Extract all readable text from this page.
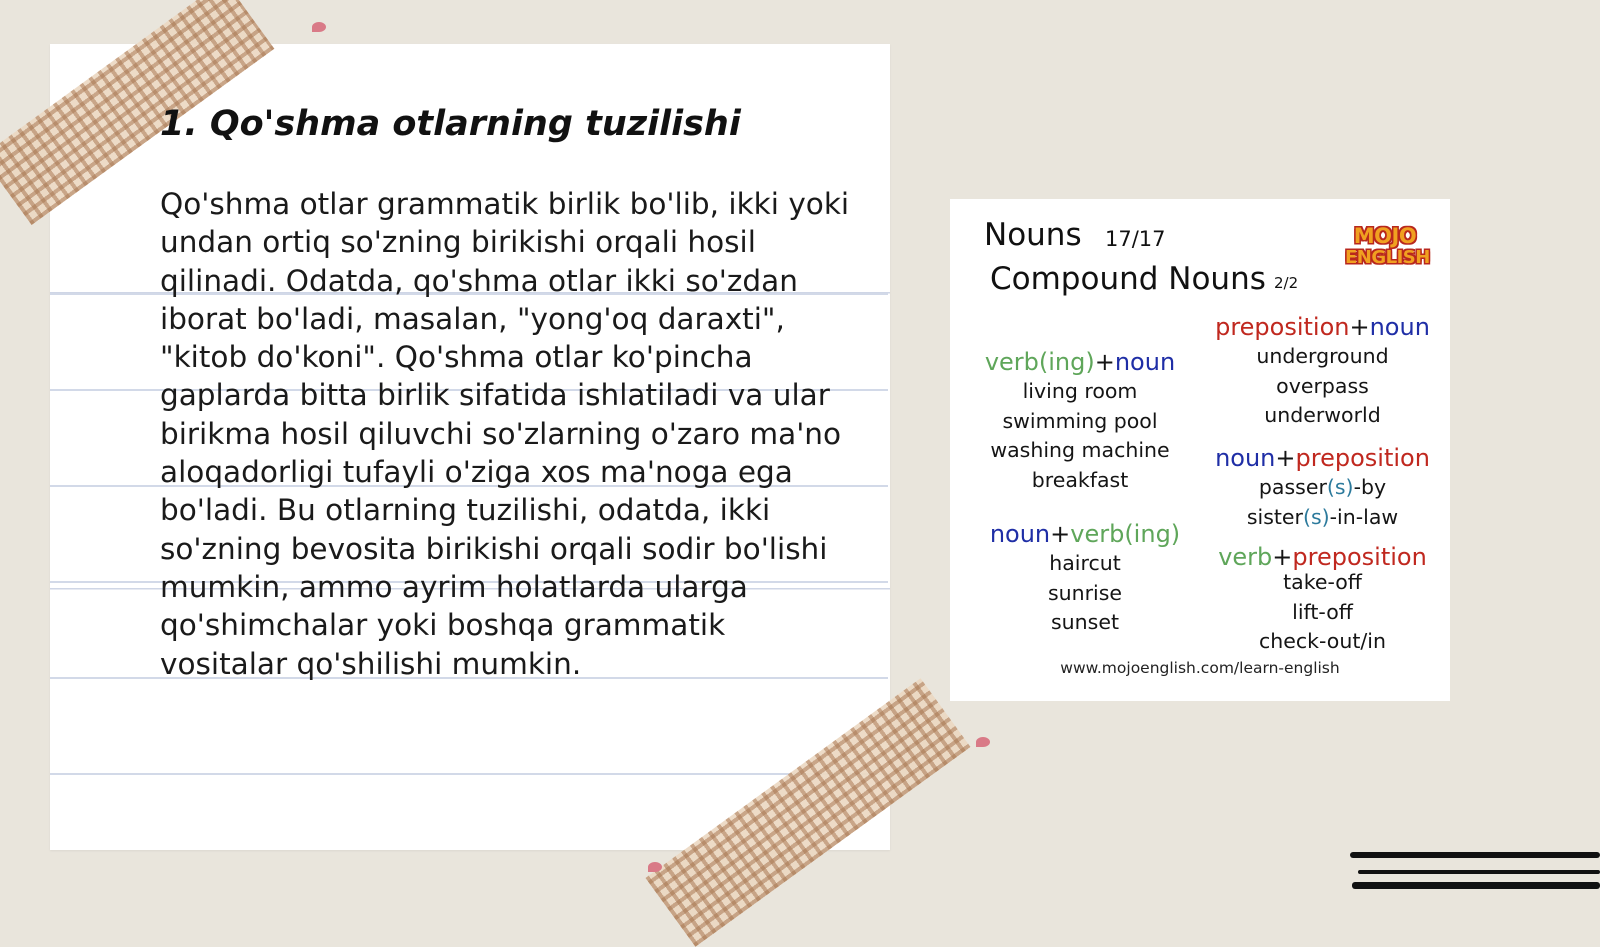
1. Qo'shma otlarning tuzilishi

Qo'shma otlar grammatik birlik bo'lib, ikki yoki undan ortiq so'zning birikishi orqali hosil qilinadi. Odatda, qo'shma otlar ikki so'zdan iborat bo'ladi, masalan, "yong'oq daraxti", "kitob do'koni". Qo'shma otlar ko'pincha gaplarda bitta birlik sifatida ishlatiladi va ular birikma hosil qiluvchi so'zlarning o'zaro ma'no aloqadorligi tufayli o'ziga xos ma'noga ega bo'ladi. Bu otlarning tuzilishi, odatda, ikki so'zning bevosita birikishi orqali sodir bo'lishi mumkin, ammo ayrim holatlarda ularga qo'shimchalar yoki boshqa grammatik vositalar qo'shilishi mumkin.

Nouns 17/17
Compound Nouns 2/2
MOJO
ENGLISH
verb(ing)+noun
living room
swimming pool
washing machine
breakfast
noun+verb(ing)
haircut
sunrise
sunset
preposition+noun
underground
overpass
underworld
noun+preposition
passer(s)-by
sister(s)-in-law
verb+preposition
take-off
lift-off
check-out/in
www.mojoenglish.com/learn-english
